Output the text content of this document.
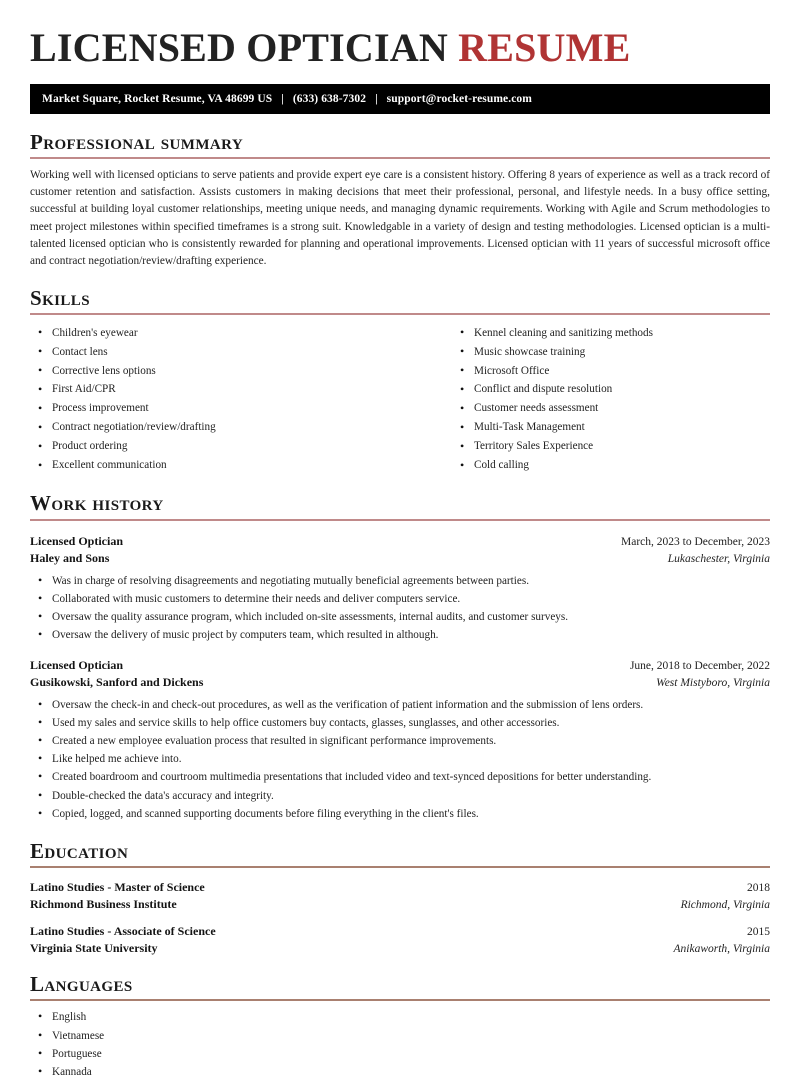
LICENSED OPTICIAN RESUME
Market Square, Rocket Resume, VA 48699 US | (633) 638-7302 | support@rocket-resume.com
Professional summary

Working well with licensed opticians to serve patients and provide expert eye care is a consistent history. Offering 8 years of experience as well as a track record of customer retention and satisfaction. Assists customers in making decisions that meet their professional, personal, and lifestyle needs. In a busy office setting, successful at building loyal customer relationships, meeting unique needs, and managing dynamic requirements. Working with Agile and Scrum methodologies to meet project milestones within specified timeframes is a strong suit. Knowledgable in a variety of design and testing methodologies. Licensed optician is a multi-talented licensed optician who is consistently rewarded for planning and operational improvements. Licensed optician with 11 years of successful microsoft office and contract negotiation/review/drafting experience.

Skills
• Children's eyewear
• Contact lens
• Corrective lens options
• First Aid/CPR
• Process improvement
• Contract negotiation/review/drafting
• Product ordering
• Excellent communication
• Kennel cleaning and sanitizing methods
• Music showcase training
• Microsoft Office
• Conflict and dispute resolution
• Customer needs assessment
• Multi-Task Management
• Territory Sales Experience
• Cold calling
Work history
Licensed Optician	March, 2023 to December, 2023
Haley and Sons	Lukaschester, Virginia
• Was in charge of resolving disagreements and negotiating mutually beneficial agreements between parties.
• Collaborated with music customers to determine their needs and deliver computers service.
• Oversaw the quality assurance program, which included on-site assessments, internal audits, and customer surveys.
• Oversaw the delivery of music project by computers team, which resulted in although.
Licensed Optician	June, 2018 to December, 2022
Gusikowski, Sanford and Dickens	West Mistyboro, Virginia
• Oversaw the check-in and check-out procedures, as well as the verification of patient information and the submission of lens orders.
• Used my sales and service skills to help office customers buy contacts, glasses, sunglasses, and other accessories.
• Created a new employee evaluation process that resulted in significant performance improvements.
• Like helped me achieve into.
• Created boardroom and courtroom multimedia presentations that included video and text-synced depositions for better understanding.
• Double-checked the data's accuracy and integrity.
• Copied, logged, and scanned supporting documents before filing everything in the client's files.
Education
Latino Studies - Master of Science	2018
Richmond Business Institute	Richmond, Virginia
Latino Studies - Associate of Science	2015
Virginia State University	Anikaworth, Virginia
Languages
• English
• Vietnamese
• Portuguese
• Kannada
